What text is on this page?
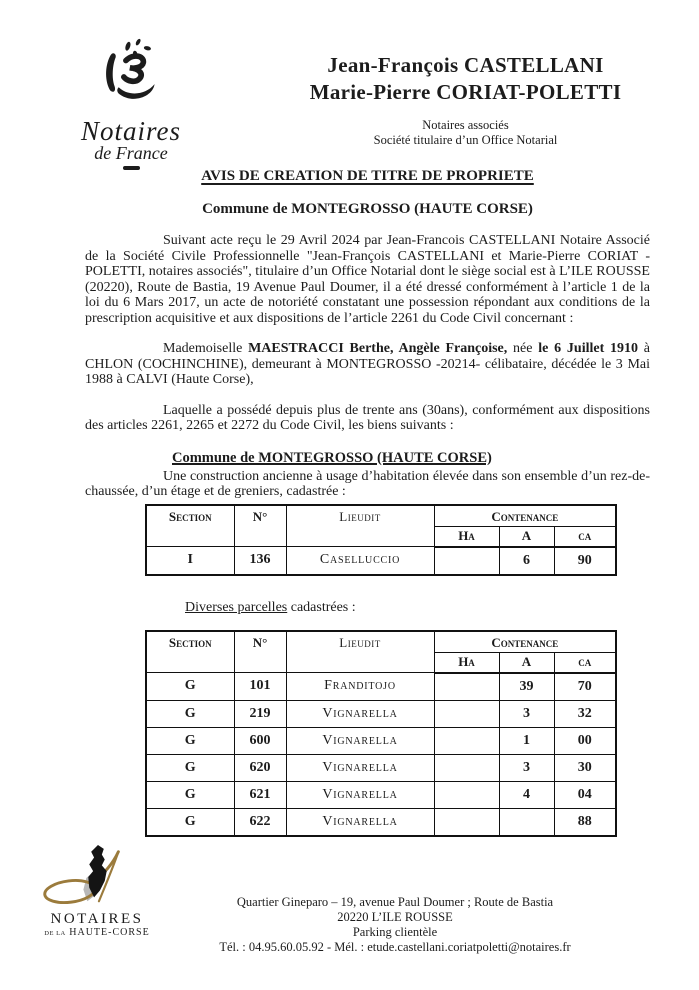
Notaires
de France
Jean-François CASTELLANI
Marie-Pierre CORIAT-POLETTI
Notaires associés
Société titulaire d’un Office Notarial
AVIS DE CREATION DE TITRE DE PROPRIETE
Commune de MONTEGROSSO (HAUTE CORSE)

Suivant acte reçu le 29 Avril 2024 par Jean-Francois CASTELLANI Notaire Associé de la Société Civile Professionnelle "Jean-François CASTELLANI et Marie-Pierre CORIAT - POLETTI, notaires associés", titulaire d’un Office Notarial dont le siège social est à L’ILE ROUSSE (20220), Route de Bastia, 19 Avenue Paul Doumer, il a été dressé conformément à l’article 1 de la loi du 6 Mars 2017, un acte de notoriété constatant une possession répondant aux conditions de la prescription acquisitive et aux dispositions de l’article 2261 du Code Civil concernant :

Mademoiselle MAESTRACCI Berthe, Angèle Françoise, née le 6 Juillet 1910 à CHLON (COCHINCHINE), demeurant à MONTEGROSSO -20214- célibataire, décédée le 3 Mai 1988 à CALVI (Haute Corse),

Laquelle a possédé depuis plus de trente ans (30ans), conformément aux dispositions des articles 2261, 2265 et 2272 du Code Civil, les biens suivants :

Commune de MONTEGROSSO (HAUTE CORSE)

Une construction ancienne à usage d’habitation élevée dans son ensemble d’un rez-de-chaussée, d’un étage et de greniers, cadastrée :

Section	N°	Lieudit	Contenance		
			Ha	A	ca
I	136	Caselluccio		6	90
Diverses parcelles cadastrées :
Section	N°	Lieudit	Contenance		
			Ha	A	ca
G	101	Franditojo		39	70
G	219	Vignarella		3	32
G	600	Vignarella		1	00
G	620	Vignarella		3	30
G	621	Vignarella		4	04
G	622	Vignarella			88
NOTAIRES
DE LA HAUTE-CORSE
Quartier Gineparo – 19, avenue Paul Doumer ; Route de Bastia
20220 L’ILE ROUSSE
Parking clientèle
Tél. : 04.95.60.05.92 - Mél. : etude.castellani.coriatpoletti@notaires.fr
